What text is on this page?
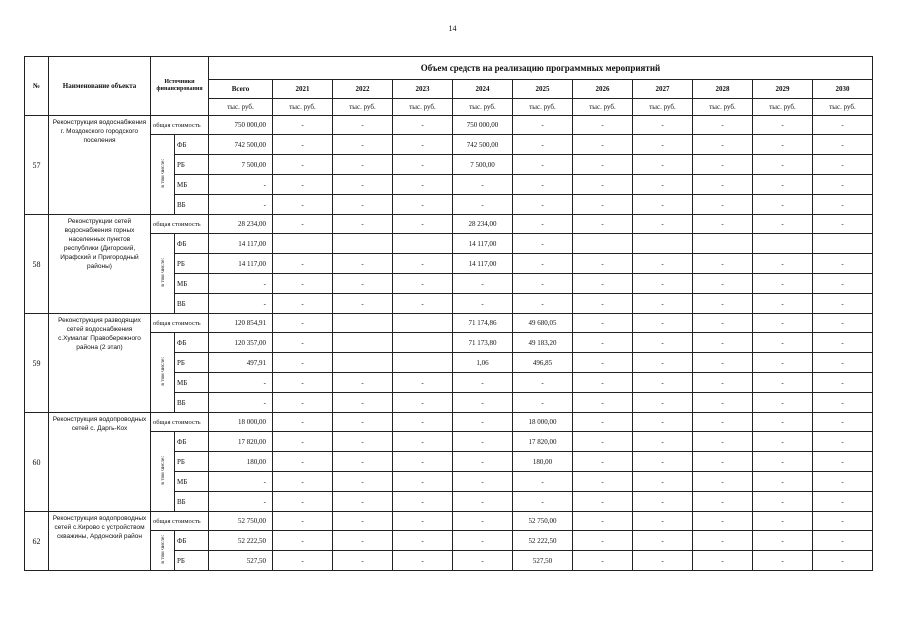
14
№	Наименование объекта	Источники финансирования		Объем средств на реализацию программных мероприятий										
				Всего	2021	2022	2023	2024	2025	2026	2027	2028	2029	2030
				тыс. руб.	тыс. руб.	тыс. руб.	тыс. руб.	тыс. руб.	тыс. руб.	тыс. руб.	тыс. руб.	тыс. руб.	тыс. руб.	тыс. руб.
57	Реконструкция водоснабжения г. Моздокского городского поселения	общая стоимость		750 000,00	-	-	-	750 000,00	-	-	-	-	-	-
		в том числе:	ФБ	742 500,00	-	-	-	742 500,00	-	-	-	-	-	-
			РБ	7 500,00	-	-	-	7 500,00	-	-	-	-	-	-
			МБ	-	-	-	-	-	-	-	-	-	-	-
			ВБ	-	-	-	-	-	-	-	-	-	-	-
58	Реконструкции сетей водоснабжения горных населенных пунктов республики (Дигорский, Ирафский и Пригородный районы)	общая стоимость		28 234,00	-	-	-	28 234,00	-	-	-	-	-	-
		в том числе:	ФБ	14 117,00				14 117,00	-					
			РБ	14 117,00	-	-	-	14 117,00	-	-	-	-	-	-
			МБ	-	-	-	-	-	-	-	-	-	-	-
			ВБ	-	-	-	-	-	-	-	-	-	-	-
59	Реконструкция разводящих сетей водоснабжения с.Хумалаг Правобережного района (2 этап)	общая стоимость		120 854,91	-			71 174,86	49 680,05	-	-	-	-	-
		в том числе:	ФБ	120 357,00	-			71 173,80	49 183,20	-	-	-	-	-
			РБ	497,91	-			1,06	496,85	-	-	-	-	-
			МБ	-	-	-	-	-	-	-	-	-	-	-
			ВБ	-	-	-	-	-	-	-	-	-	-	-
60	Реконструкция водопроводных сетей с. Даргь-Кох	общая стоимость		18 000,00	-	-	-	-	18 000,00	-	-	-	-	-
		в том числе:	ФБ	17 820,00	-	-	-	-	17 820,00	-	-	-	-	-
			РБ	180,00	-	-	-	-	180,00	-	-	-	-	-
			МБ	-	-	-	-	-	-	-	-	-	-	-
			ВБ	-	-	-	-	-	-	-	-	-	-	-
62	Реконструкция водопроводных сетей с.Кирово с устройством скважины, Ардонский район	общая стоимость		52 750,00	-	-	-	-	52 750,00	-	-	-	-	-
		в том числе:	ФБ	52 222,50	-	-	-	-	52 222,50	-	-	-	-	-
			РБ	527,50	-	-	-	-	527,50	-	-	-	-	-
